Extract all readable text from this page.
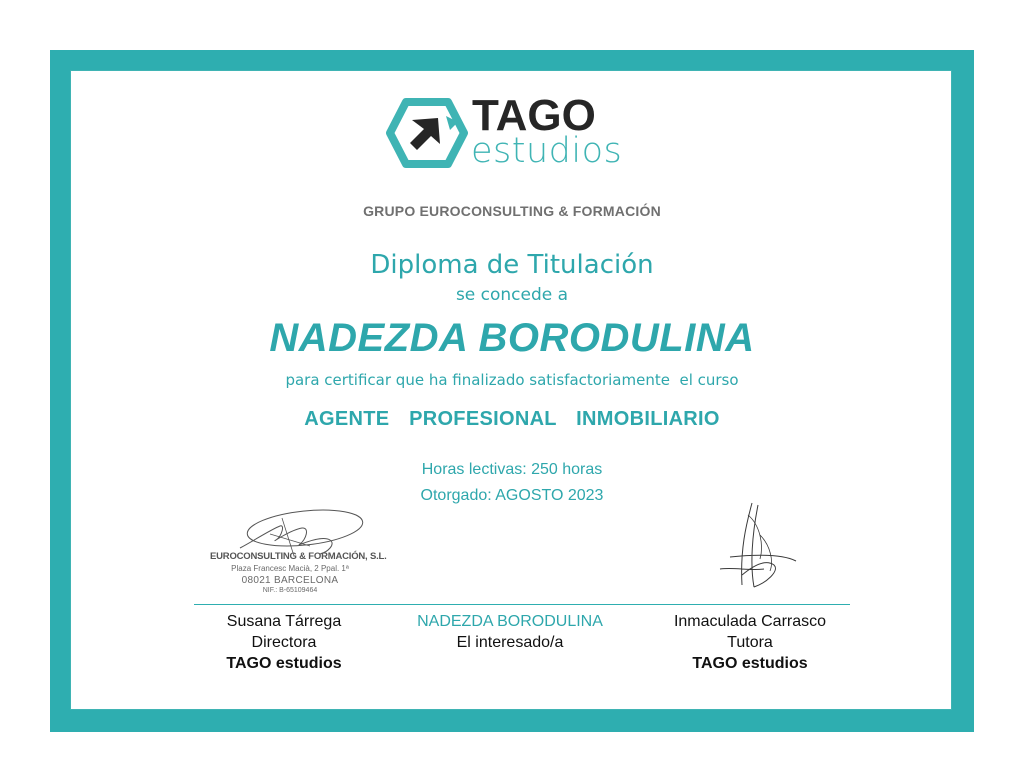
TAGO
estudios
GRUPO EUROCONSULTING & FORMACIÓN
Diploma de Titulación
se concede a
NADEZDA BORODULINA
para certificar que ha finalizado satisfactoriamente  el curso
AGENTE  PROFESIONAL  INMOBILIARIO
Horas lectivas: 250 horas
Otorgado: AGOSTO 2023
EUROCONSULTING & FORMACIÓN, S.L.
Plaza Francesc Macià, 2 Ppal. 1ª
08021 BARCELONA
NIF.: B-65109464
Susana Tárrega
Directora
TAGO estudios
NADEZDA BORODULINA
El interesado/a
Inmaculada Carrasco
Tutora
TAGO estudios
